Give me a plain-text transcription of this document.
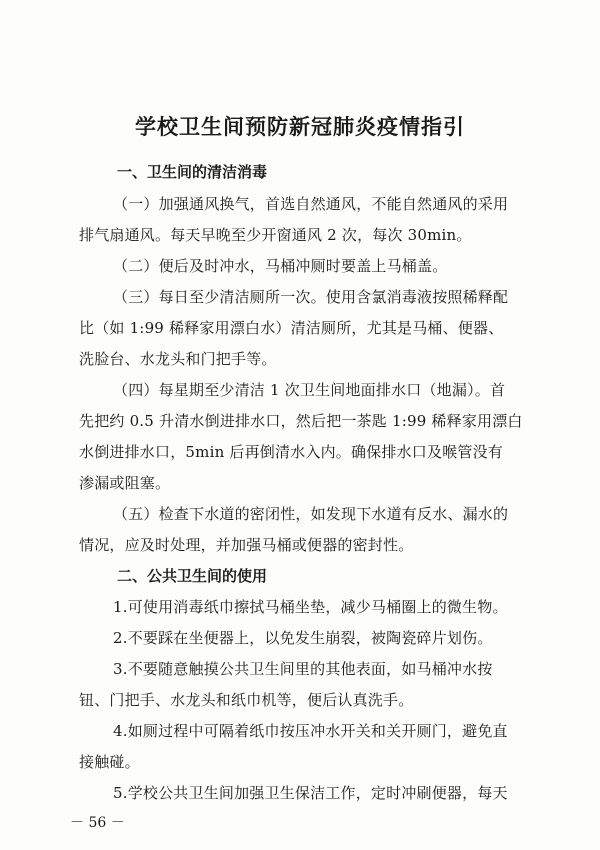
学校卫生间预防新冠肺炎疫情指引
一、卫生间的清洁消毒
（一）加强通风换气，首选自然通风，不能自然通风的采用
排气扇通风。每天早晚至少开窗通风 2 次，每次 30min。
（二）便后及时冲水，马桶冲厕时要盖上马桶盖。
（三）每日至少清洁厕所一次。使用含氯消毒液按照稀释配
比（如 1:99 稀释家用漂白水）清洁厕所，尤其是马桶、便器、
洗脸台、水龙头和门把手等。
（四）每星期至少清洁 1 次卫生间地面排水口（地漏）。首
先把约 0.5 升清水倒进排水口，然后把一茶匙 1:99 稀释家用漂白
水倒进排水口，5min 后再倒清水入内。确保排水口及喉管没有
渗漏或阻塞。
（五）检查下水道的密闭性，如发现下水道有反水、漏水的
情况，应及时处理，并加强马桶或便器的密封性。
二、公共卫生间的使用
1.可使用消毒纸巾擦拭马桶坐垫，减少马桶圈上的微生物。
2.不要踩在坐便器上，以免发生崩裂，被陶瓷碎片划伤。
3.不要随意触摸公共卫生间里的其他表面，如马桶冲水按
钮、门把手、水龙头和纸巾机等，便后认真洗手。
4.如厕过程中可隔着纸巾按压冲水开关和关开厕门，避免直
接触碰。
5.学校公共卫生间加强卫生保洁工作，定时冲刷便器，每天
－ 56 －
